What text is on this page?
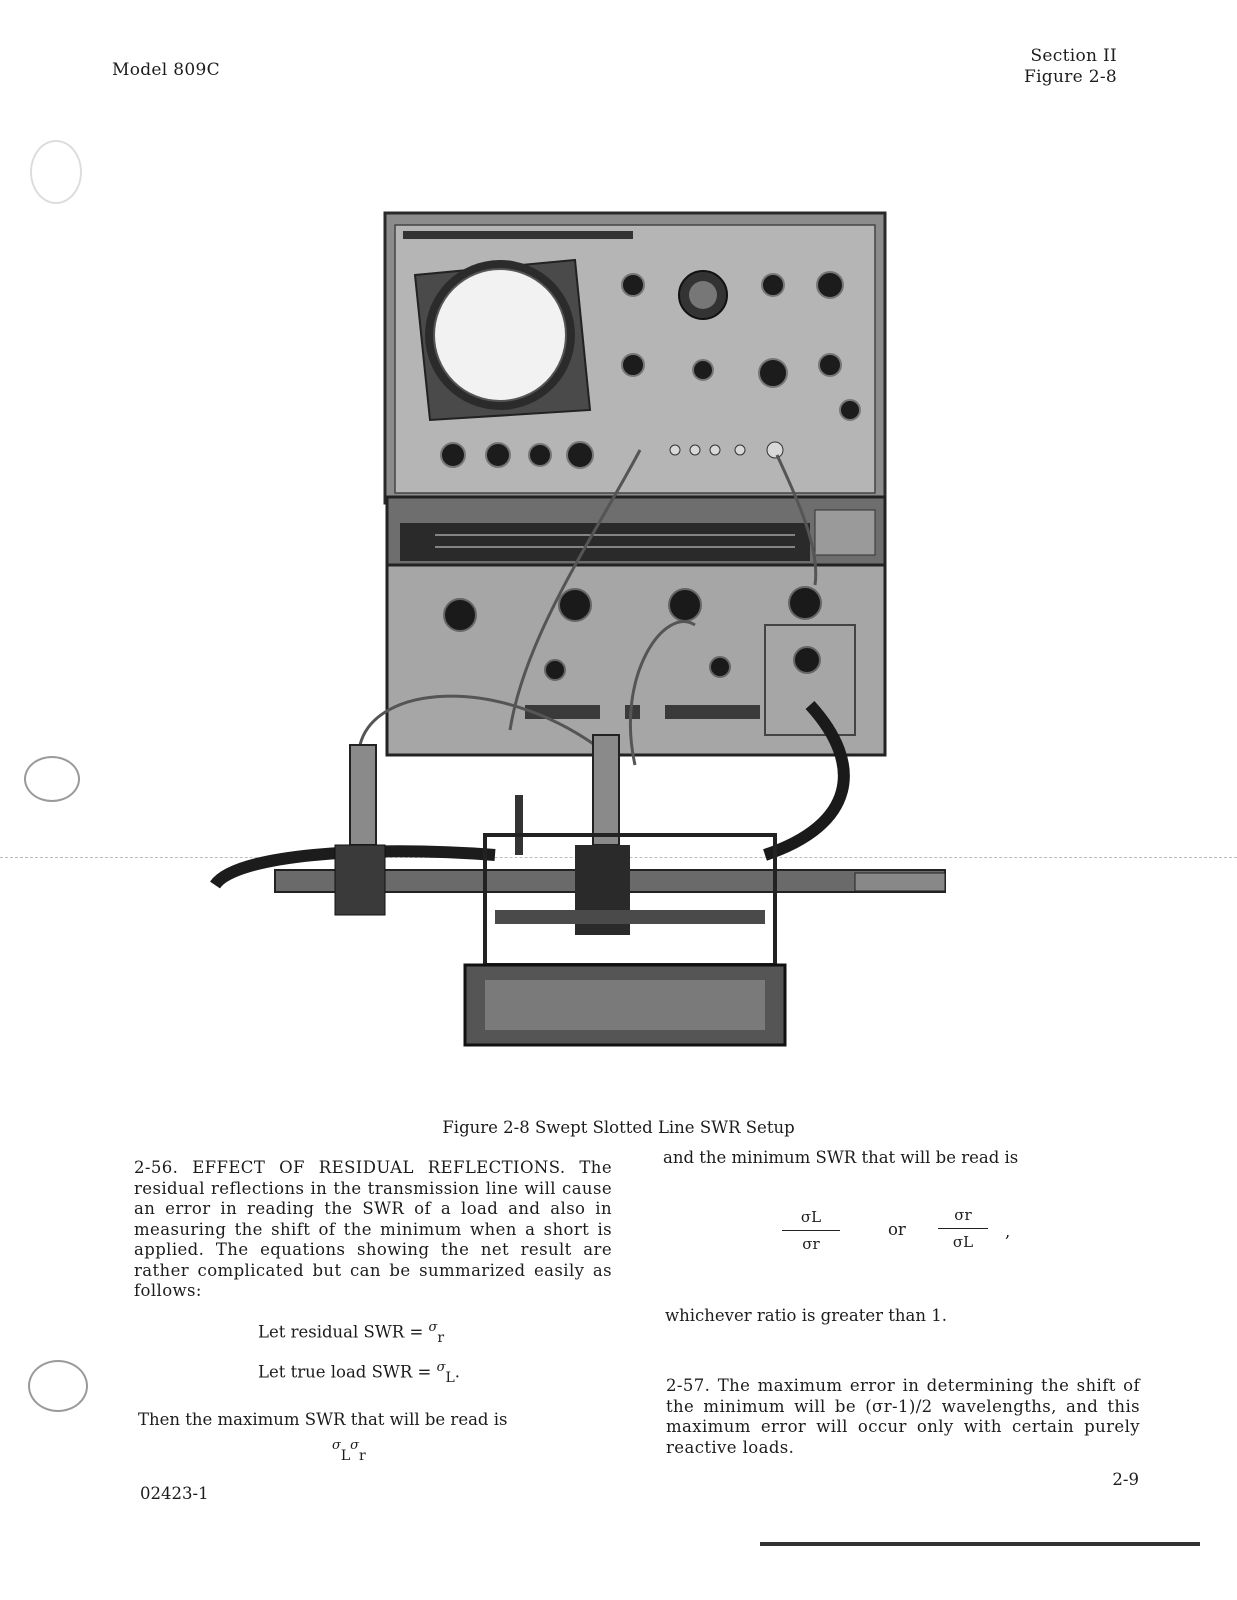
Model 809C
Section II
Figure 2-8
Figure 2-8 Swept Slotted Line SWR Setup
2-56. EFFECT OF RESIDUAL REFLECTIONS. The residual reflections in the transmission line will cause an error in reading the SWR of a load and also in measuring the shift of the minimum when a short is applied. The equations showing the net result are rather complicated but can be summarized easily as follows:
Let residual SWR = $^\sigma_r$
Let true load SWR = $^\sigma_L$.
Then the maximum SWR that will be read is
$^\sigma_L^\sigma_r$
and the minimum SWR that will be read is
σL
σr
or
σr
σL
,
whichever ratio is greater than 1.
2-57. The maximum error in determining the shift of the minimum will be (σr-1)/2 wavelengths, and this maximum error will occur only with certain purely reactive loads.
02423-1
2-9
